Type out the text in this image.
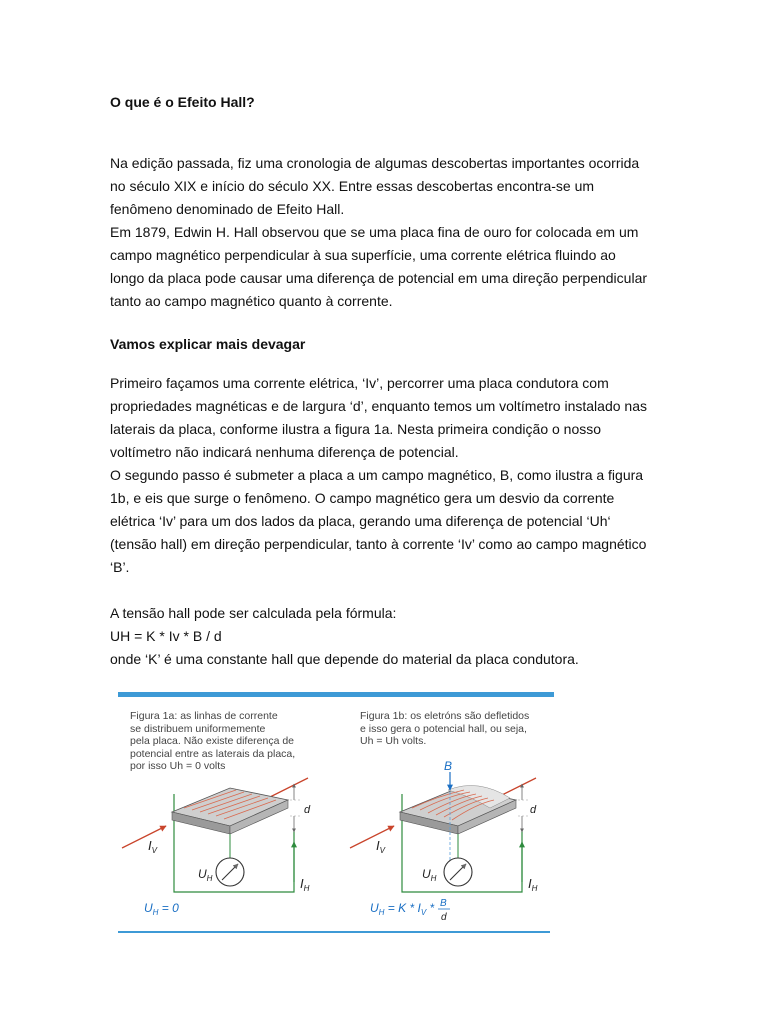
O que é o Efeito Hall?

Na edição passada, fiz uma cronologia de algumas descobertas importantes ocorrida
no século XIX e início do século XX. Entre essas descobertas encontra-se um
fenômeno denominado de Efeito Hall.
Em 1879, Edwin H. Hall observou que se uma placa fina de ouro for colocada em um
campo magnético perpendicular à sua superfície, uma corrente elétrica fluindo ao
longo da placa pode causar uma diferença de potencial em uma direção perpendicular
tanto ao campo magnético quanto à corrente.

Vamos explicar mais devagar

Primeiro façamos uma corrente elétrica, ‘Iv’, percorrer uma placa condutora com
propriedades magnéticas e de largura ‘d’, enquanto temos um voltímetro instalado nas
laterais da placa, conforme ilustra a figura 1a. Nesta primeira condição o nosso
voltímetro não indicará nenhuma diferença de potencial.
O segundo passo é submeter a placa a um campo magnético, B, como ilustra a figura
1b, e eis que surge o fenômeno. O campo magnético gera um desvio da corrente
elétrica ‘Iv’ para um dos lados da placa, gerando uma diferença de potencial ‘Uh‘
(tensão hall) em direção perpendicular, tanto à corrente ‘Iv’ como ao campo magnético
‘B’.

A tensão hall pode ser calculada pela fórmula:
UH = K * Iv * B / d
onde ‘K’ é uma constante hall que depende do material da placa condutora.

d
$I_V$
$U_H$	$I_H$
$U_H = 0$
B
d
$I_V$
$U_H$	$I_H$
$U_H = K * I_V * B$
d

Figura 1a: as linhas de corrente
se distribuem uniformemente
pela placa. Não existe diferença de
potencial entre as laterais da placa,
por isso Uh = 0 volts

Figura 1b: os eletróns são defletidos
e isso gera o potencial hall, ou seja,
Uh = Uh volts.
